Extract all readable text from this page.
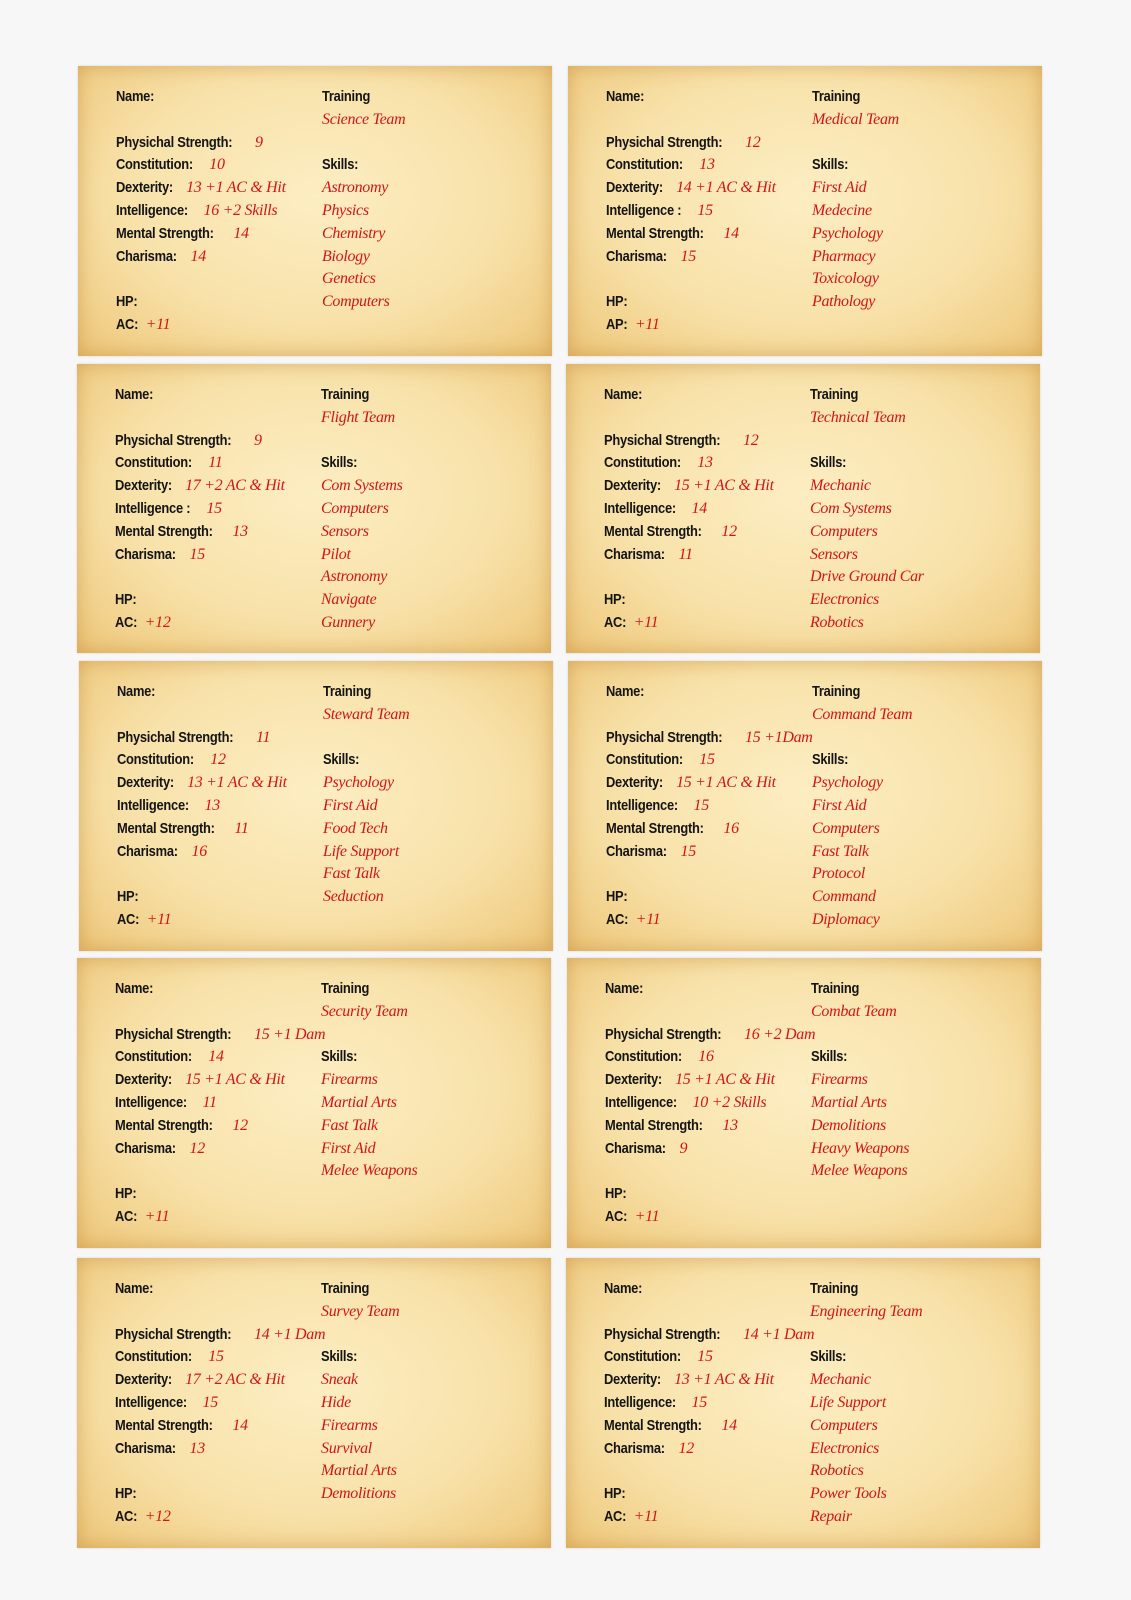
Name:
Physichal Strength: 9
Constitution: 10
Dexterity: 13 +1 AC & Hit
Intelligence: 16 +2 Skills
Mental Strength: 14
Charisma: 14
HP:
AC: +11
Training
Science Team
Skills:
Astronomy
Physics
Chemistry
Biology
Genetics
Computers
Name:
Physichal Strength: 12
Constitution: 13
Dexterity: 14 +1 AC & Hit
Intelligence : 15
Mental Strength: 14
Charisma: 15
HP:
AP: +11
Training
Medical Team
Skills:
First Aid
Medecine
Psychology
Pharmacy
Toxicology
Pathology
Name:
Physichal Strength: 9
Constitution: 11
Dexterity: 17 +2 AC & Hit
Intelligence : 15
Mental Strength: 13
Charisma: 15
HP:
AC: +12
Training
Flight Team
Skills:
Com Systems
Computers
Sensors
Pilot
Astronomy
Navigate
Gunnery
Name:
Physichal Strength: 12
Constitution: 13
Dexterity: 15 +1 AC & Hit
Intelligence: 14
Mental Strength: 12
Charisma: 11
HP:
AC: +11
Training
Technical Team
Skills:
Mechanic
Com Systems
Computers
Sensors
Drive Ground Car
Electronics
Robotics
Name:
Physichal Strength: 11
Constitution: 12
Dexterity: 13 +1 AC & Hit
Intelligence: 13
Mental Strength: 11
Charisma: 16
HP:
AC: +11
Training
Steward Team
Skills:
Psychology
First Aid
Food Tech
Life Support
Fast Talk
Seduction
Name:
Physichal Strength: 15 +1Dam
Constitution: 15
Dexterity: 15 +1 AC & Hit
Intelligence: 15
Mental Strength: 16
Charisma: 15
HP:
AC: +11
Training
Command Team
Skills:
Psychology
First Aid
Computers
Fast Talk
Protocol
Command
Diplomacy
Name:
Physichal Strength: 15 +1 Dam
Constitution: 14
Dexterity: 15 +1 AC & Hit
Intelligence: 11
Mental Strength: 12
Charisma: 12
HP:
AC: +11
Training
Security Team
Skills:
Firearms
Martial Arts
Fast Talk
First Aid
Melee Weapons
Name:
Physichal Strength: 16 +2 Dam
Constitution: 16
Dexterity: 15 +1 AC & Hit
Intelligence: 10 +2 Skills
Mental Strength: 13
Charisma: 9
HP:
AC: +11
Training
Combat Team
Skills:
Firearms
Martial Arts
Demolitions
Heavy Weapons
Melee Weapons
Name:
Physichal Strength: 14 +1 Dam
Constitution: 15
Dexterity: 17 +2 AC & Hit
Intelligence: 15
Mental Strength: 14
Charisma: 13
HP:
AC: +12
Training
Survey Team
Skills:
Sneak
Hide
Firearms
Survival
Martial Arts
Demolitions
Name:
Physichal Strength: 14 +1 Dam
Constitution: 15
Dexterity: 13 +1 AC & Hit
Intelligence: 15
Mental Strength: 14
Charisma: 12
HP:
AC: +11
Training
Engineering Team
Skills:
Mechanic
Life Support
Computers
Electronics
Robotics
Power Tools
Repair
